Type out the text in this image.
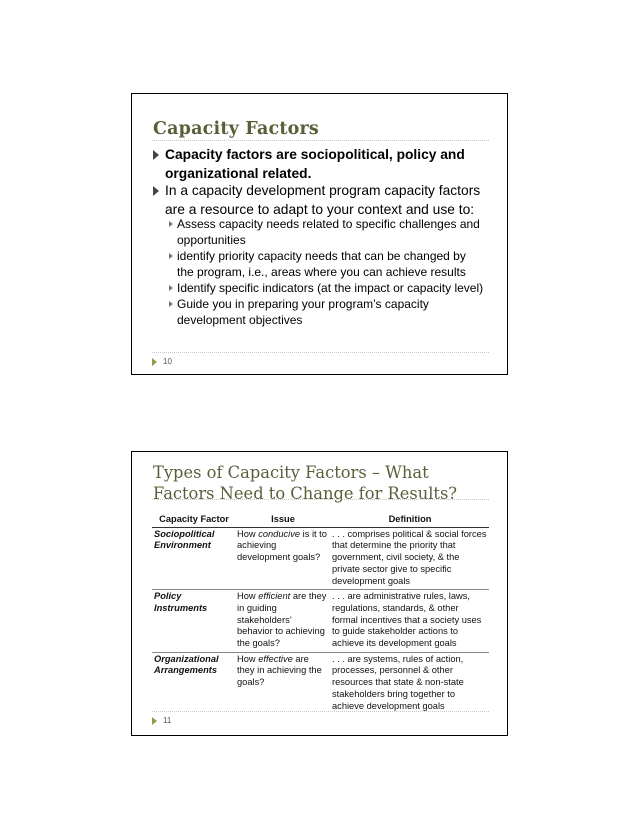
Capacity Factors
Capacity factors are sociopolitical, policy and
organizational related.
In a capacity development program capacity factors
are a resource to adapt to your context and use to:
Assess capacity needs related to specific challenges and
opportunities
identify priority capacity needs that can be changed by
the program, i.e., areas where you can achieve results
Identify specific indicators (at the impact or capacity level)
Guide you in preparing your program’s capacity
development objectives
10
Types of Capacity Factors – What
Factors Need to Change for Results?
Capacity Factor	Issue	Definition

Sociopolitical
Environment	How conducive is it to achieving development goals?	. . . comprises political & social forces that determine the priority that government, civil society, & the private sector give to specific development goals

Policy
Instruments	How efficient are they in guiding stakeholders’ behavior to achieving the goals?	. . . are administrative rules, laws, regulations, standards, & other formal incentives that a society uses to guide stakeholder actions to achieve its development goals

Organizational
Arrangements	How effective are they in achieving the goals?	. . . are systems, rules of action, processes, personnel & other resources that state & non-state stakeholders bring together to achieve development goals
11
